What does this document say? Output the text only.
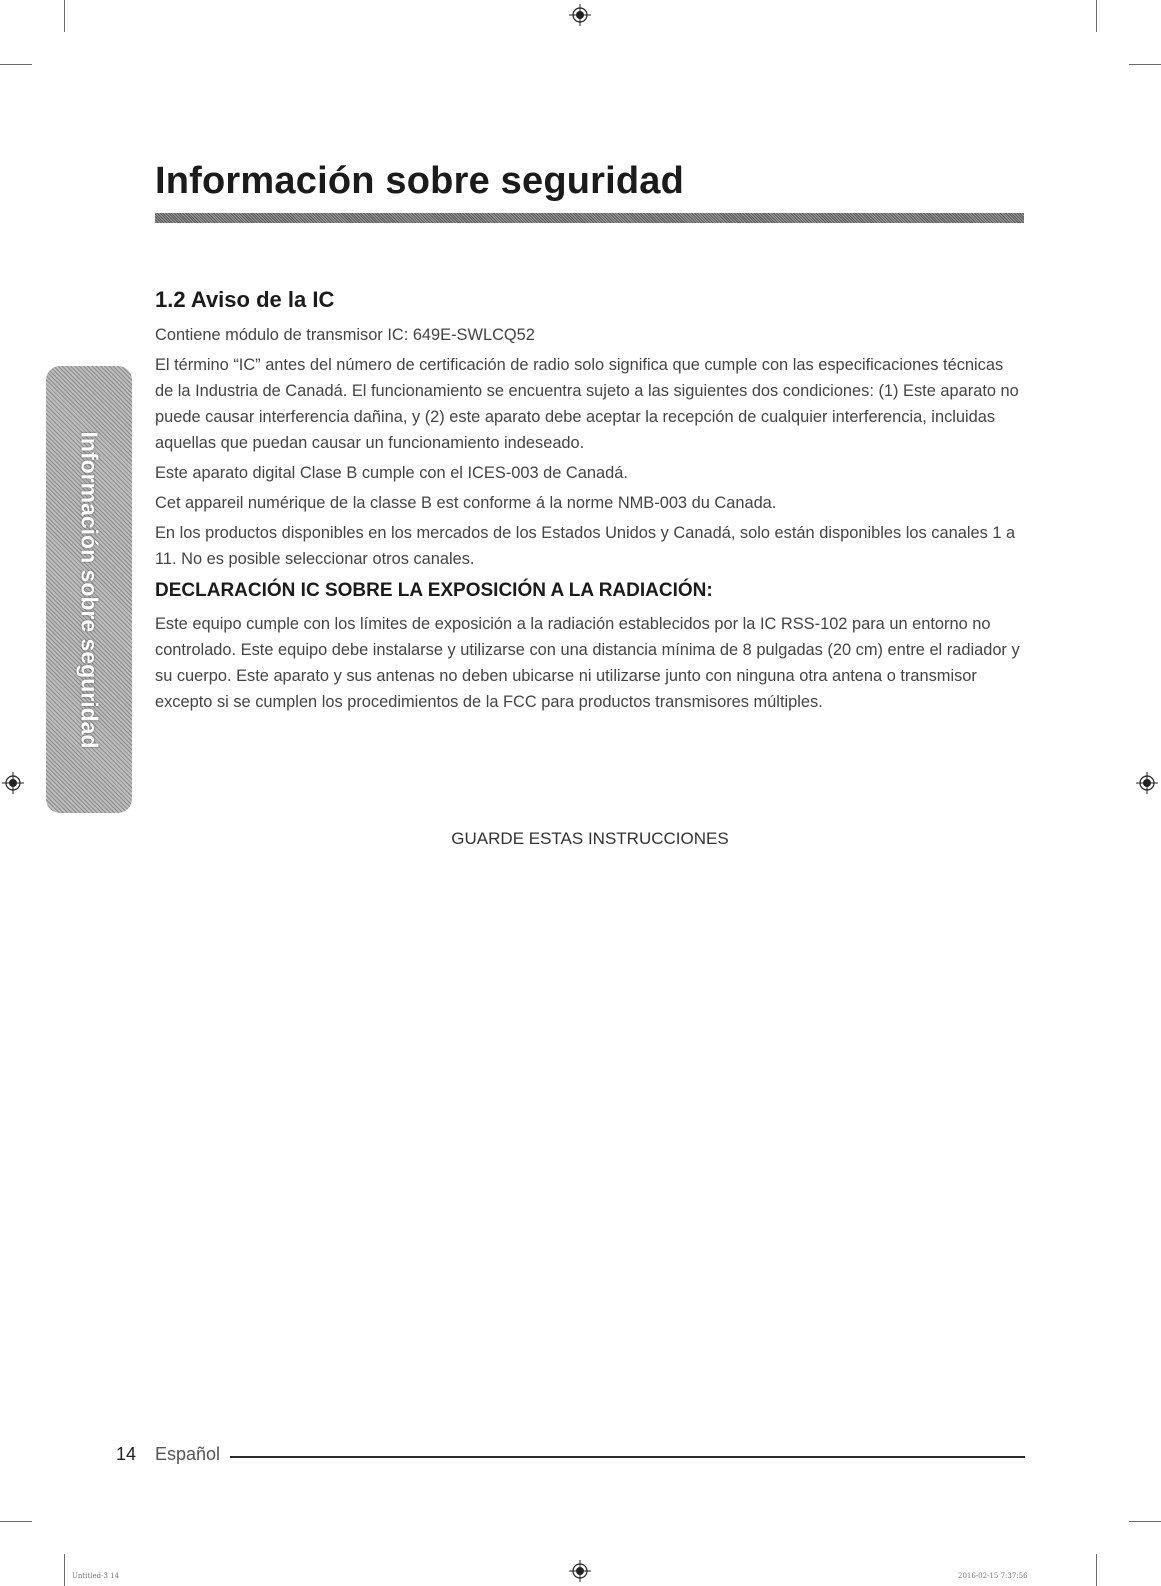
Información sobre seguridad
Información sobre seguridad
1.2 Aviso de la IC

Contiene módulo de transmisor IC: 649E-SWLCQ52

El término “IC” antes del número de certificación de radio solo significa que cumple con las especificaciones técnicas de la Industria de Canadá. El funcionamiento se encuentra sujeto a las siguientes dos condiciones: (1) Este aparato no puede causar interferencia dañina, y (2) este aparato debe aceptar la recepción de cualquier interferencia, incluidas aquellas que puedan causar un funcionamiento indeseado.

Este aparato digital Clase B cumple con el ICES-003 de Canadá.

Cet appareil numérique de la classe B est conforme á la norme NMB-003 du Canada.

En los productos disponibles en los mercados de los Estados Unidos y Canadá, solo están disponibles los canales 1 a 11. No es posible seleccionar otros canales.

DECLARACIÓN IC SOBRE LA EXPOSICIÓN A LA RADIACIÓN:

Este equipo cumple con los límites de exposición a la radiación establecidos por la IC RSS-102 para un entorno no controlado. Este equipo debe instalarse y utilizarse con una distancia mínima de 8 pulgadas (20 cm) entre el radiador y su cuerpo. Este aparato y sus antenas no deben ubicarse ni utilizarse junto con ninguna otra antena o transmisor excepto si se cumplen los procedimientos de la FCC para productos transmisores múltiples.

GUARDE ESTAS INSTRUCCIONES
14 Español
Untitled-3 14	2016-02-15 7:37:56
